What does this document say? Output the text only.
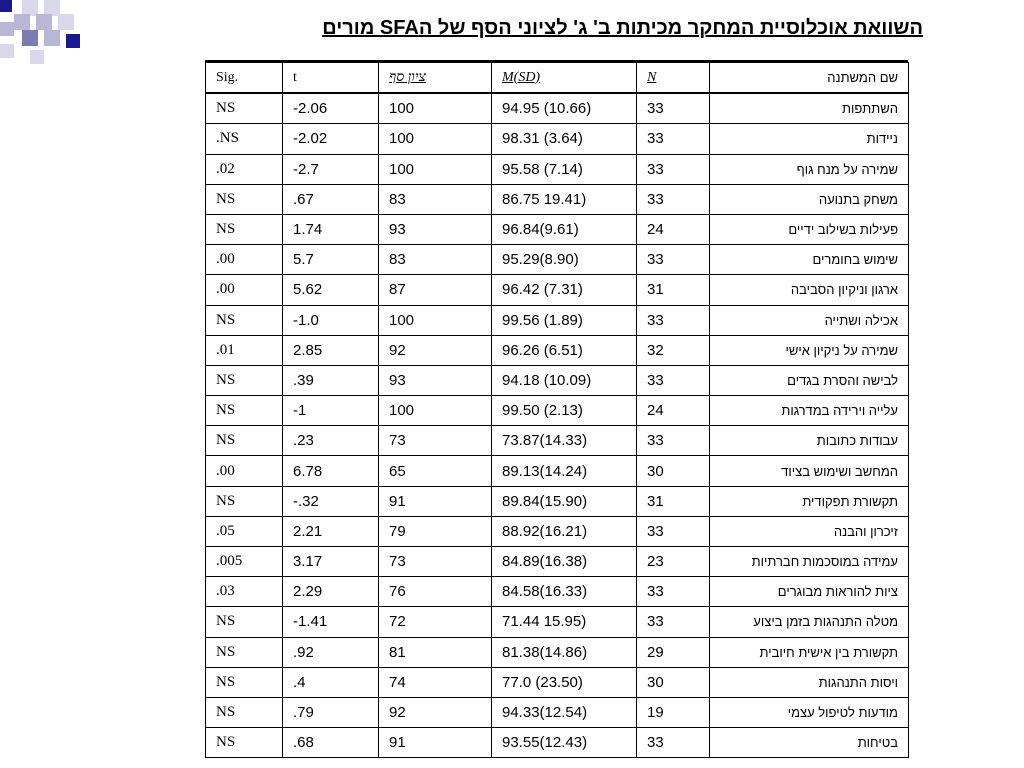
השוואת אוכלוסיית המחקר מכיתות ב' ג' לציוני הסף של הSFA מורים
Sig.	t	ציון סף	M(SD)	N	שם המשתנה
NS	-2.06	100	94.95 (10.66)	33	השתתפות
.NS	-2.02	100	98.31 (3.64)	33	ניידות
.02	-2.7	100	95.58 (7.14)	33	שמירה על מנח גוף
NS	.67	83	86.75 19.41)	33	משחק בתנועה
NS	1.74	93	96.84(9.61)	24	פעילות בשילוב ידיים
.00	5.7	83	95.29(8.90)	33	שימוש בחומרים
.00	5.62	87	96.42 (7.31)	31	ארגון וניקיון הסביבה
NS	-1.0	100	99.56 (1.89)	33	אכילה ושתייה
.01	2.85	92	96.26 (6.51)	32	שמירה על ניקיון אישי
NS	.39	93	94.18 (10.09)	33	לבישה והסרת בגדים
NS	-1	100	99.50 (2.13)	24	עלייה וירידה במדרגות
NS	.23	73	73.87(14.33)	33	עבודות כתובות
.00	6.78	65	89.13(14.24)	30	המחשב ושימוש בציוד
NS	-.32	91	89.84(15.90)	31	תקשורת תפקודית
.05	2.21	79	88.92(16.21)	33	זיכרון והבנה
.005	3.17	73	84.89(16.38)	23	עמידה במוסכמות חברתיות
.03	2.29	76	84.58(16.33)	33	ציות להוראות מבוגרים
NS	-1.41	72	71.44 15.95)	33	מטלה התנהגות בזמן ביצוע
NS	.92	81	81.38(14.86)	29	תקשורת בין אישית חיובית
NS	.4	74	77.0 (23.50)	30	ויסות התנהגות
NS	.79	92	94.33(12.54)	19	מודעות לטיפול עצמי
NS	.68	91	93.55(12.43)	33	בטיחות
